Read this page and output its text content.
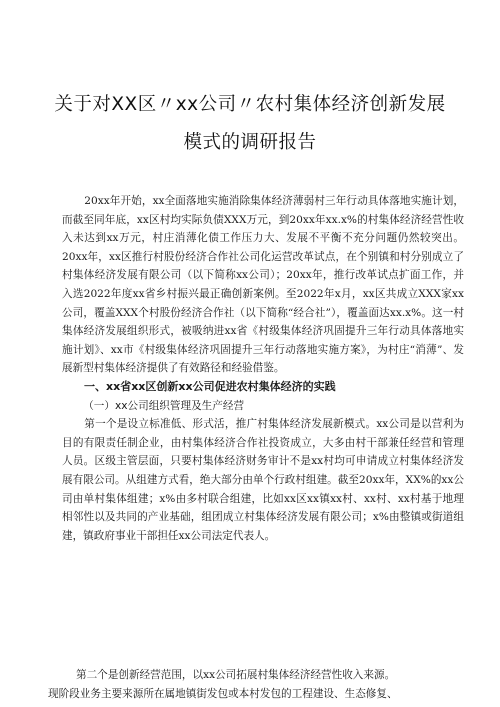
关于对XX区〃xx公司〃农村集体经济创新发展
模式的调研报告

20xx年开始，xx全面落地实施消除集体经济薄弱村三年行动具体落地实施计划，而截至同年底，xx区村均实际负债XXX万元，到20xx年xx.x%的村集体经济经营性收入未达到xx万元，村庄消薄化债工作压力大、发展不平衡不充分问题仍然较突出。20xx年，xx区推行村股份经济合作社公司化运营改革试点，在个别镇和村分别成立了村集体经济发展有限公司（以下简称xx公司）；20xx年，推行改革试点扩面工作，并入选2022年度xx省乡村振兴最正确创新案例。至2022年x月，xx区共成立XXX家xx公司，覆盖XXX个村股份经济合作社（以下简称“经合社”），覆盖面达xx.x%。这一村集体经济发展组织形式，被吸纳进xx省《村级集体经济巩固提升三年行动具体落地实施计划》、xx市《村级集体经济巩固提升三年行动落地实施方案》，为村庄“消薄”、发展新型村集体经济提供了有效路径和经验借鉴。

一、xx省xx区创新xx公司促进农村集体经济的实践
（一）xx公司组织管理及生产经营

第一个是设立标准低、形式活，推广村集体经济发展新模式。xx公司是以营利为目的有限责任制企业，由村集体经济合作社投资成立，大多由村干部兼任经营和管理人员。区级主管层面，只要村集体经济财务审计不是xx村均可申请成立村集体经济发展有限公司。从组建方式看，绝大部分由单个行政村组建。截至20xx年，XX%的xx公司由单村集体组建；x%由多村联合组建，比如xx区xx镇xx村、xx村、xx村基于地理相邻性以及共同的产业基础，组团成立村集体经济发展有限公司；x%由整镇或街道组建，镇政府事业干部担任xx公司法定代表人。

第二个是创新经营范围，以xx公司拓展村集体经济经营性收入来源。

现阶段业务主要来源所在属地镇街发包或本村发包的工程建设、生态修复、
